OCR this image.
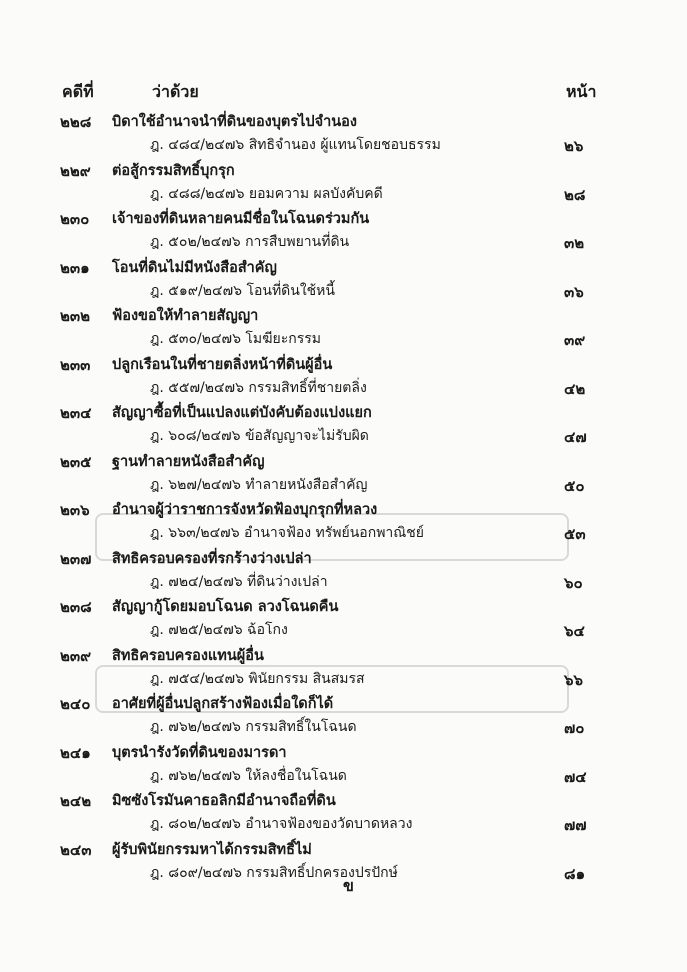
คดีที่	ว่าด้วย	หน้า
๒๒๘ บิดาใช้อำนาจนำที่ดินของบุตรไปจำนอง
ฎ. ๔๘๔/๒๔๗๖ สิทธิจำนอง ผู้แทนโดยชอบธรรม	๒๖
๒๒๙ ต่อสู้กรรมสิทธิ์บุกรุก
ฎ. ๔๘๘/๒๔๗๖ ยอมความ ผลบังคับคดี	๒๘
๒๓๐ เจ้าของที่ดินหลายคนมีชื่อในโฉนดร่วมกัน
ฎ. ๕๐๒/๒๔๗๖ การสืบพยานที่ดิน	๓๒
๒๓๑ โอนที่ดินไม่มีหนังสือสำคัญ
ฎ. ๕๑๙/๒๔๗๖ โอนที่ดินใช้หนี้	๓๖
๒๓๒ ฟ้องขอให้ทำลายสัญญา
ฎ. ๕๓๐/๒๔๗๖ โมฆียะกรรม	๓๙
๒๓๓ ปลูกเรือนในที่ชายตลิ่งหน้าที่ดินผู้อื่น
ฎ. ๕๕๗/๒๔๗๖ กรรมสิทธิ์ที่ชายตลิ่ง	๔๒
๒๓๔ สัญญาซื้อที่เป็นแปลงแต่บังคับต้องแบ่งแยก
ฎ. ๖๐๘/๒๔๗๖ ข้อสัญญาจะไม่รับผิด	๔๗
๒๓๕ ฐานทำลายหนังสือสำคัญ
ฎ. ๖๒๗/๒๔๗๖ ทำลายหนังสือสำคัญ	๕๐
๒๓๖ อำนาจผู้ว่าราชการจังหวัดฟ้องบุกรุกที่หลวง
ฎ. ๖๖๓/๒๔๗๖ อำนาจฟ้อง ทรัพย์นอกพาณิชย์	๕๓
๒๓๗ สิทธิครอบครองที่รกร้างว่างเปล่า
ฎ. ๗๒๔/๒๔๗๖ ที่ดินว่างเปล่า	๖๐
๒๓๘ สัญญากู้โดยมอบโฉนด ลวงโฉนดคืน
ฎ. ๗๒๕/๒๔๗๖ ฉ้อโกง	๖๔
๒๓๙ สิทธิครอบครองแทนผู้อื่น
ฎ. ๗๕๔/๒๔๗๖ พินัยกรรม สินสมรส	๖๖
๒๔๐ อาศัยที่ผู้อื่นปลูกสร้างฟ้องเมื่อใดก็ได้
ฎ. ๗๖๒/๒๔๗๖ กรรมสิทธิ์ในโฉนด	๗๐
๒๔๑ บุตรนำรังวัดที่ดินของมารดา
ฎ. ๗๖๒/๒๔๗๖ ให้ลงชื่อในโฉนด	๗๔
๒๔๒ มิซซังโรมันคาธอลิกมีอำนาจถือที่ดิน
ฎ. ๘๐๒/๒๔๗๖ อำนาจฟ้องของวัดบาดหลวง	๗๗
๒๔๓ ผู้รับพินัยกรรมหาได้กรรมสิทธิ์ไม่
ฎ. ๘๐๙/๒๔๗๖ กรรมสิทธิ์ปกครองปรปักษ์	๘๑
ข
